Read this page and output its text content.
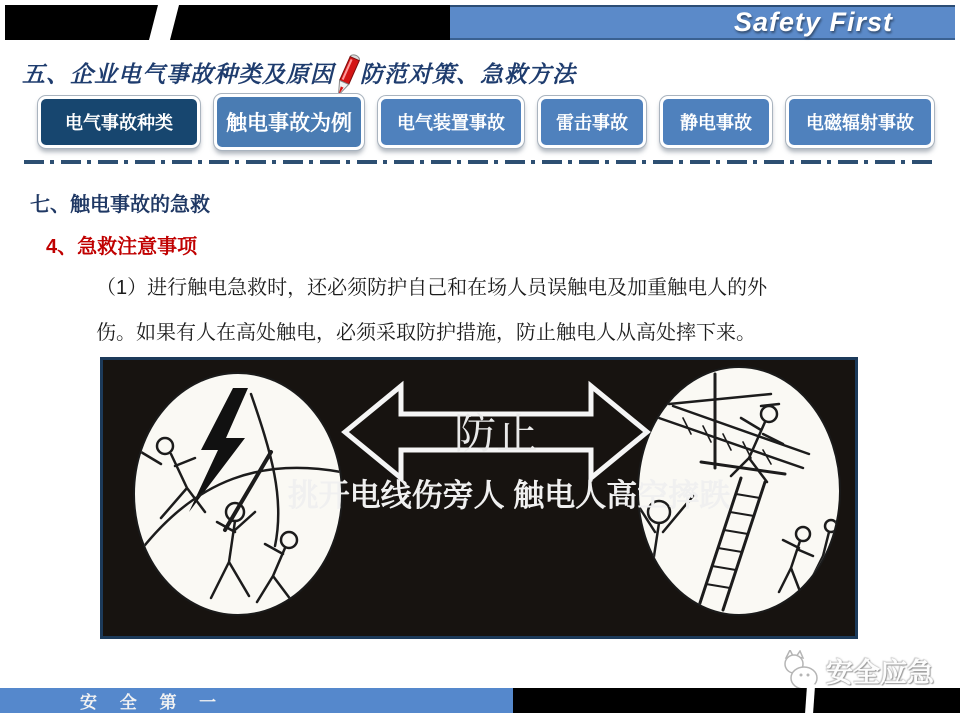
Safety First
五、企业电气事故种类及原因 防范对策、急救方法
电气事故种类	触电事故为例	电气装置事故	雷击事故	静电事故	电磁辐射事故
七、触电事故的急救
4、急救注意事项
（1）进行触电急救时，还必须防护自己和在场人员误触电及加重触电人的外
伤。如果有人在高处触电，必须采取防护措施，防止触电人从高处摔下来。
防止
挑开电线伤旁人 触电人高空摔跌
安全应急
安 全 第 一
